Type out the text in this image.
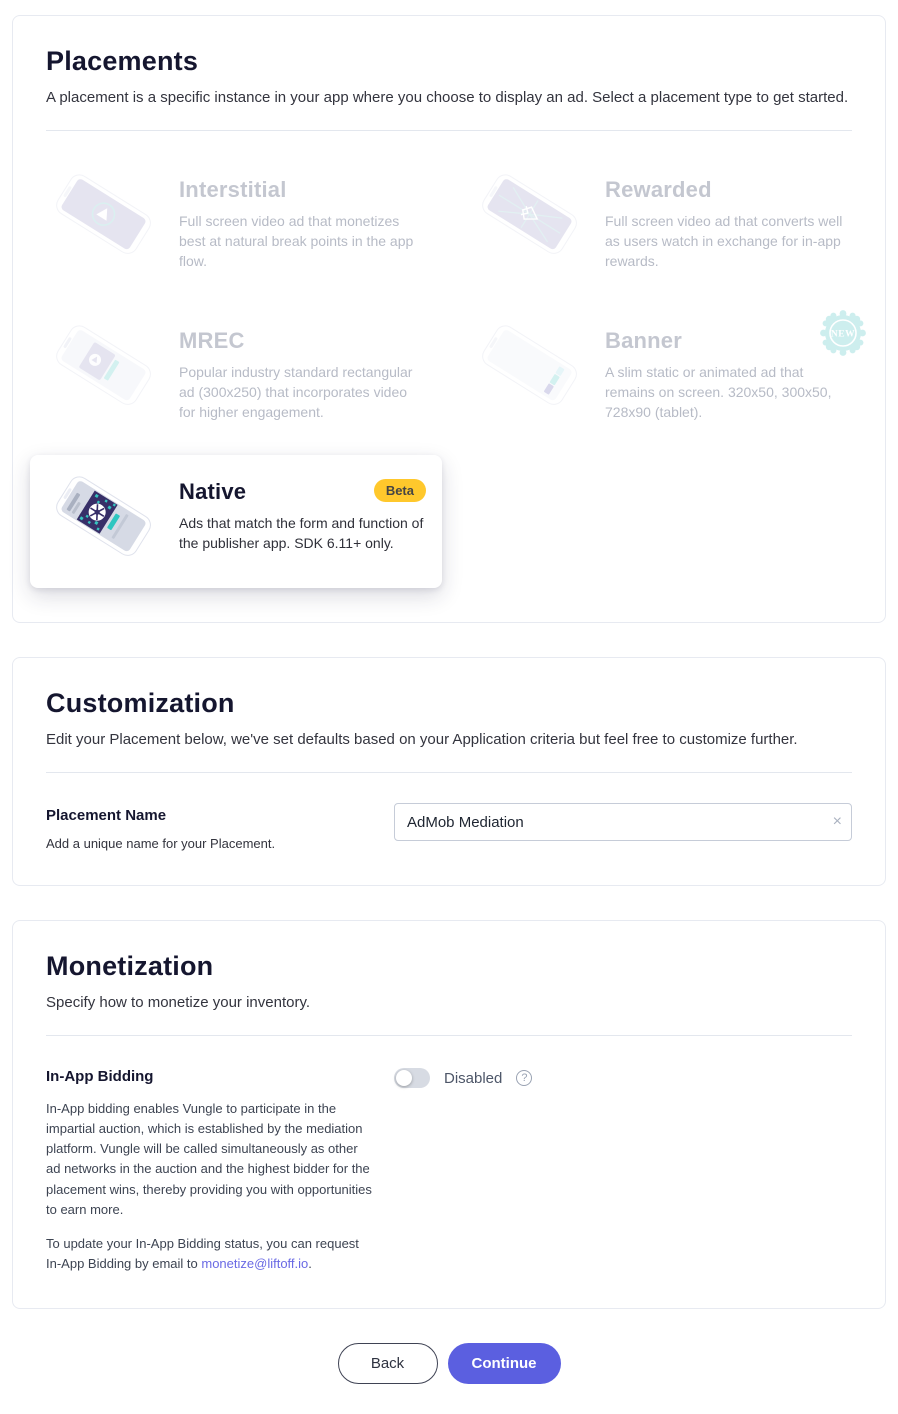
Placements

A placement is a specific instance in your app where you choose to display an ad. Select a placement type to get started.

Interstitial

Full screen video ad that monetizes best at natural break points in the app flow.

Rewarded

Full screen video ad that converts well as users watch in exchange for in-app rewards.

MREC

Popular industry standard rectangular ad (300x250) that incorporates video for higher engagement.

Banner

A slim static or animated ad that remains on screen. 320x50, 300x50, 728x90 (tablet).

NEW
Native

Ads that match the form and function of the publisher app. SDK 6.11+ only.

Beta
Customization

Edit your Placement below, we've set defaults based on your Application criteria but feel free to customize further.

Placement Name
Add a unique name for your Placement.
AdMob Mediation
×
Monetization

Specify how to monetize your inventory.

In-App Bidding

In-App bidding enables Vungle to participate in the impartial auction, which is established by the mediation platform. Vungle will be called simultaneously as other ad networks in the auction and the highest bidder for the placement wins, thereby providing you with opportunities to earn more.

To update your In-App Bidding status, you can request In-App Bidding by email to monetize@liftoff.io.

Disabled	?
Back	Continue
